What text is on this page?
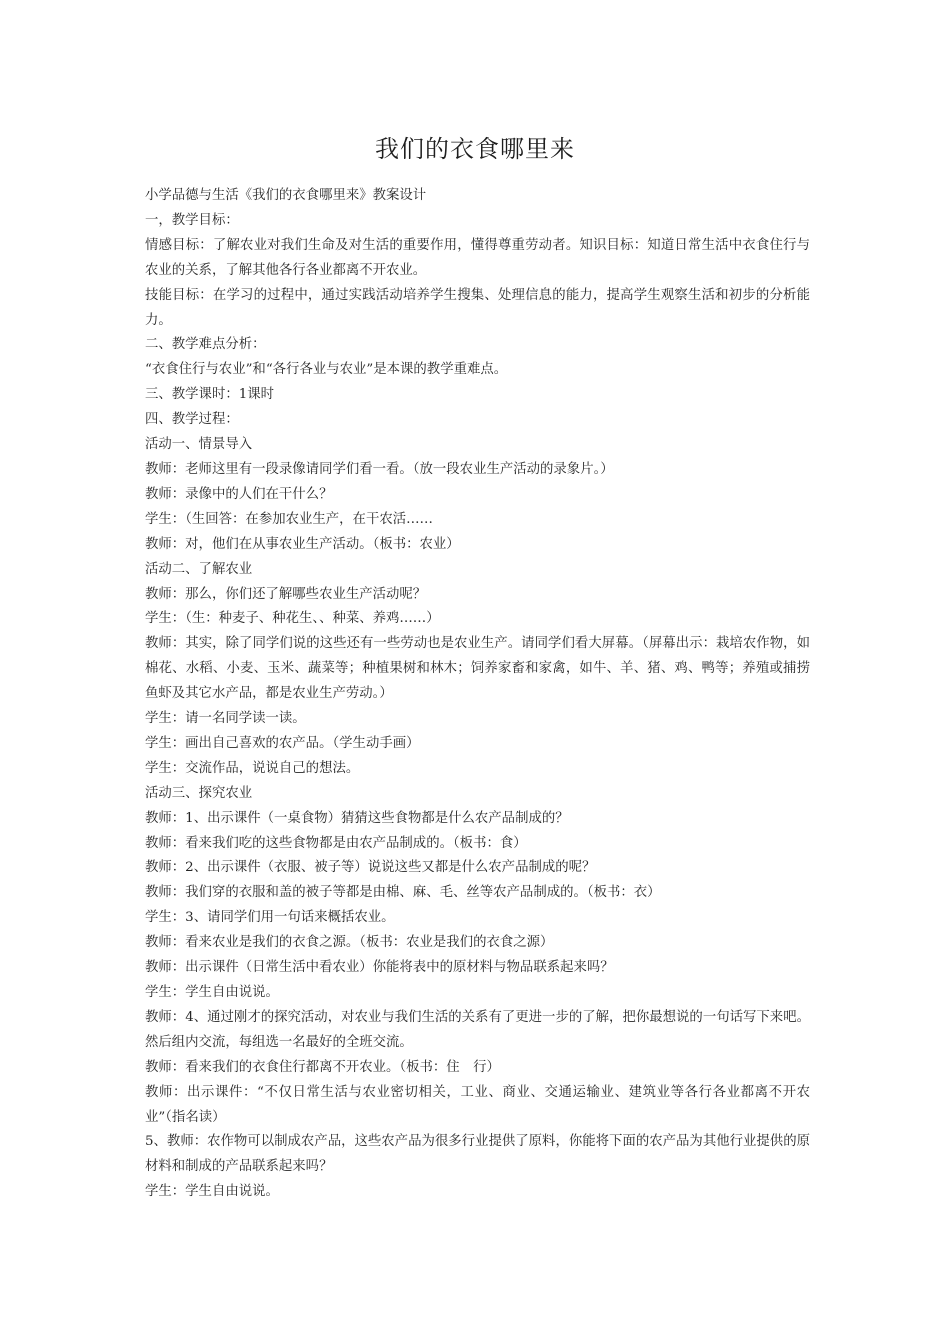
我们的衣食哪里来

小学品德与生活《我们的衣食哪里来》教案设计

一，教学目标：

情感目标：了解农业对我们生命及对生活的重要作用，懂得尊重劳动者。知识目标：知道日常生活中衣食住行与农业的关系，了解其他各行各业都离不开农业。

技能目标：在学习的过程中，通过实践活动培养学生搜集、处理信息的能力，提高学生观察生活和初步的分析能力。

二、教学难点分析：

“衣食住行与农业”和“各行各业与农业”是本课的教学重难点。

三、教学课时：1课时

四、教学过程：

活动一、情景导入

教师：老师这里有一段录像请同学们看一看。（放一段农业生产活动的录象片。）

教师：录像中的人们在干什么？

学生：（生回答：在参加农业生产，在干农活……

教师：对，他们在从事农业生产活动。（板书：农业）

活动二、了解农业

教师：那么，你们还了解哪些农业生产活动呢？

学生：（生：种麦子、种花生、、种菜、养鸡……）

教师：其实，除了同学们说的这些还有一些劳动也是农业生产。请同学们看大屏幕。（屏幕出示：栽培农作物，如棉花、水稻、小麦、玉米、蔬菜等；种植果树和林木；饲养家畜和家禽，如牛、羊、猪、鸡、鸭等；养殖或捕捞鱼虾及其它水产品，都是农业生产劳动。）

学生：请一名同学读一读。

学生：画出自己喜欢的农产品。（学生动手画）

学生：交流作品，说说自己的想法。

活动三、探究农业

教师：1、出示课件（一桌食物）猜猜这些食物都是什么农产品制成的？

教师：看来我们吃的这些食物都是由农产品制成的。（板书：食）

教师：2、出示课件（衣服、被子等）说说这些又都是什么农产品制成的呢？

教师：我们穿的衣服和盖的被子等都是由棉、麻、毛、丝等农产品制成的。（板书：衣）

学生：3、请同学们用一句话来概括农业。

教师：看来农业是我们的衣食之源。（板书：农业是我们的衣食之源）

教师：出示课件（日常生活中看农业）你能将表中的原材料与物品联系起来吗？

学生：学生自由说说。

教师：4、通过刚才的探究活动，对农业与我们生活的关系有了更进一步的了解，把你最想说的一句话写下来吧。然后组内交流，每组选一名最好的全班交流。

教师：看来我们的衣食住行都离不开农业。（板书：住　行）

教师：出示课件：“不仅日常生活与农业密切相关，工业、商业、交通运输业、建筑业等各行各业都离不开农业”（指名读）

5、教师：农作物可以制成农产品，这些农产品为很多行业提供了原料，你能将下面的农产品为其他行业提供的原材料和制成的产品联系起来吗？

学生：学生自由说说。
